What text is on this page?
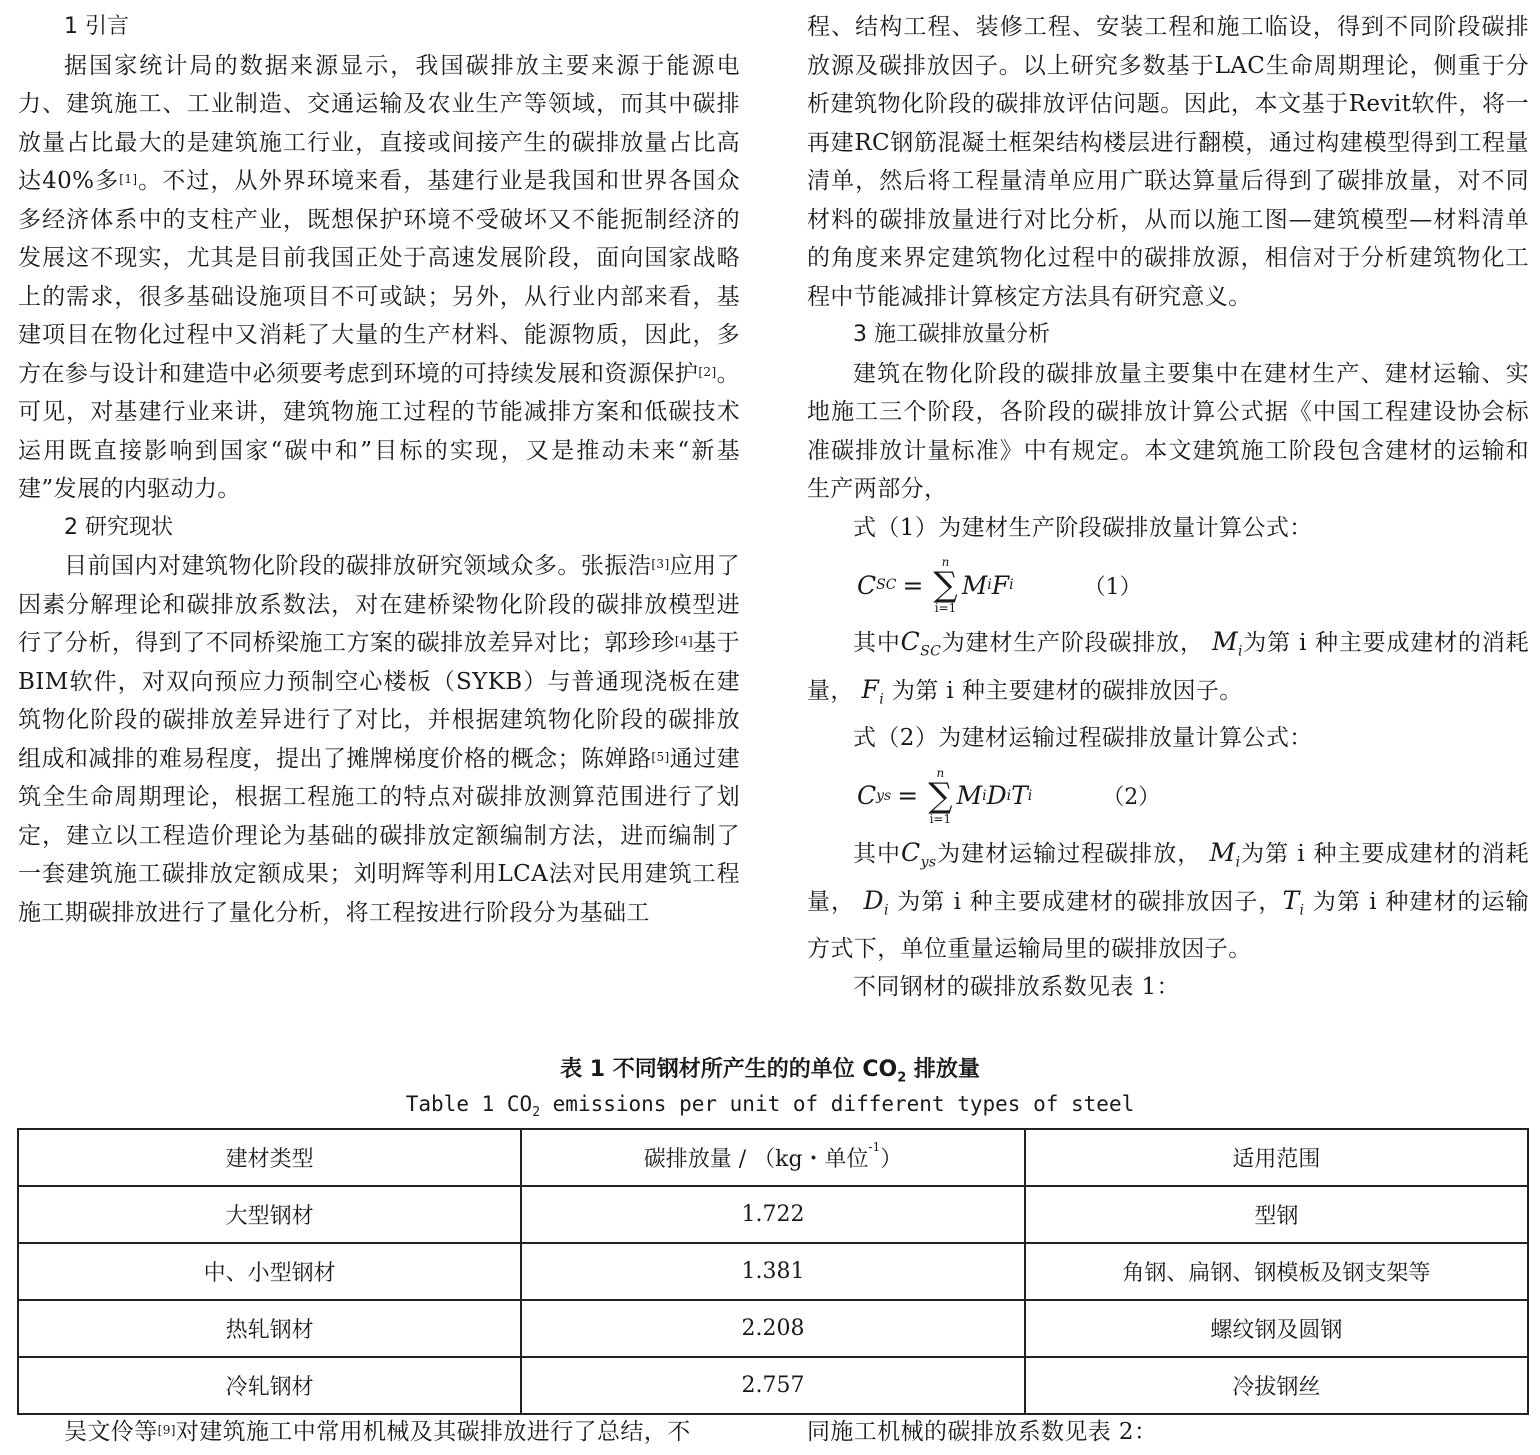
1 引言

据国家统计局的数据来源显示，我国碳排放主要来源于能源电力、建筑施工、工业制造、交通运输及农业生产等领域，而其中碳排放量占比最大的是建筑施工行业，直接或间接产生的碳排放量占比高达40%多[1]。不过，从外界环境来看，基建行业是我国和世界各国众多经济体系中的支柱产业，既想保护环境不受破坏又不能扼制经济的发展这不现实，尤其是目前我国正处于高速发展阶段，面向国家战略上的需求，很多基础设施项目不可或缺；另外，从行业内部来看，基建项目在物化过程中又消耗了大量的生产材料、能源物质，因此，多方在参与设计和建造中必须要考虑到环境的可持续发展和资源保护[2]。可见，对基建行业来讲，建筑物施工过程的节能减排方案和低碳技术运用既直接影响到国家“碳中和”目标的实现，又是推动未来“新基建”发展的内驱动力。

2 研究现状

目前国内对建筑物化阶段的碳排放研究领域众多。张振浩[3]应用了因素分解理论和碳排放系数法，对在建桥梁物化阶段的碳排放模型进行了分析，得到了不同桥梁施工方案的碳排放差异对比；郭珍珍[4]基于BIM软件，对双向预应力预制空心楼板（SYKB）与普通现浇板在建筑物化阶段的碳排放差异进行了对比，并根据建筑物化阶段的碳排放组成和减排的难易程度，提出了摊牌梯度价格的概念；陈婵路[5]通过建筑全生命周期理论，根据工程施工的特点对碳排放测算范围进行了划定，建立以工程造价理论为基础的碳排放定额编制方法，进而编制了一套建筑施工碳排放定额成果；刘明辉等利用LCA法对民用建筑工程施工期碳排放进行了量化分析，将工程按进行阶段分为基础工

程、结构工程、装修工程、安装工程和施工临设，得到不同阶段碳排放源及碳排放因子。以上研究多数基于LAC生命周期理论，侧重于分析建筑物化阶段的碳排放评估问题。因此，本文基于Revit软件，将一再建RC钢筋混凝土框架结构楼层进行翻模，通过构建模型得到工程量清单，然后将工程量清单应用广联达算量后得到了碳排放量，对不同材料的碳排放量进行对比分析，从而以施工图—建筑模型—材料清单的角度来界定建筑物化过程中的碳排放源，相信对于分析建筑物化工程中节能减排计算核定方法具有研究意义。

3 施工碳排放量分析

建筑在物化阶段的碳排放量主要集中在建材生产、建材运输、实地施工三个阶段，各阶段的碳排放计算公式据《中国工程建设协会标准碳排放计量标准》中有规定。本文建筑施工阶段包含建材的运输和生产两部分，

式（1）为建材生产阶段碳排放量计算公式：

C SC =
n
∑
i=1
M i F i	（1）

其中$C_{SC}$为建材生产阶段碳排放， $M_i$为第 i 种主要成建材的消耗量， $F_i$ 为第 i 种主要建材的碳排放因子。

式（2）为建材运输过程碳排放量计算公式：

C ys =
n
∑
i=1
M i D i T i	（2）

其中$C_{ys}$为建材运输过程碳排放， $M_i$为第 i 种主要成建材的消耗量， $D_i$ 为第 i 种主要成建材的碳排放因子，$T_i$ 为第 i 种建材的运输方式下，单位重量运输局里的碳排放因子。

不同钢材的碳排放系数见表 1：

表 1 不同钢材所产生的的单位 $CO_2$ 排放量
Table 1 $CO_2$ emissions per unit of different types of steel
建材类型	碳排放量 / （kg・单位$^{-1}$）	适用范围
大型钢材	1.722	型钢
中、小型钢材	1.381	角钢、扁钢、钢模板及钢支架等
热轧钢材	2.208	螺纹钢及圆钢
冷轧钢材	2.757	冷拔钢丝

吴文伶等[9]对建筑施工中常用机械及其碳排放进行了总结，不	同施工机械的碳排放系数见表 2：
